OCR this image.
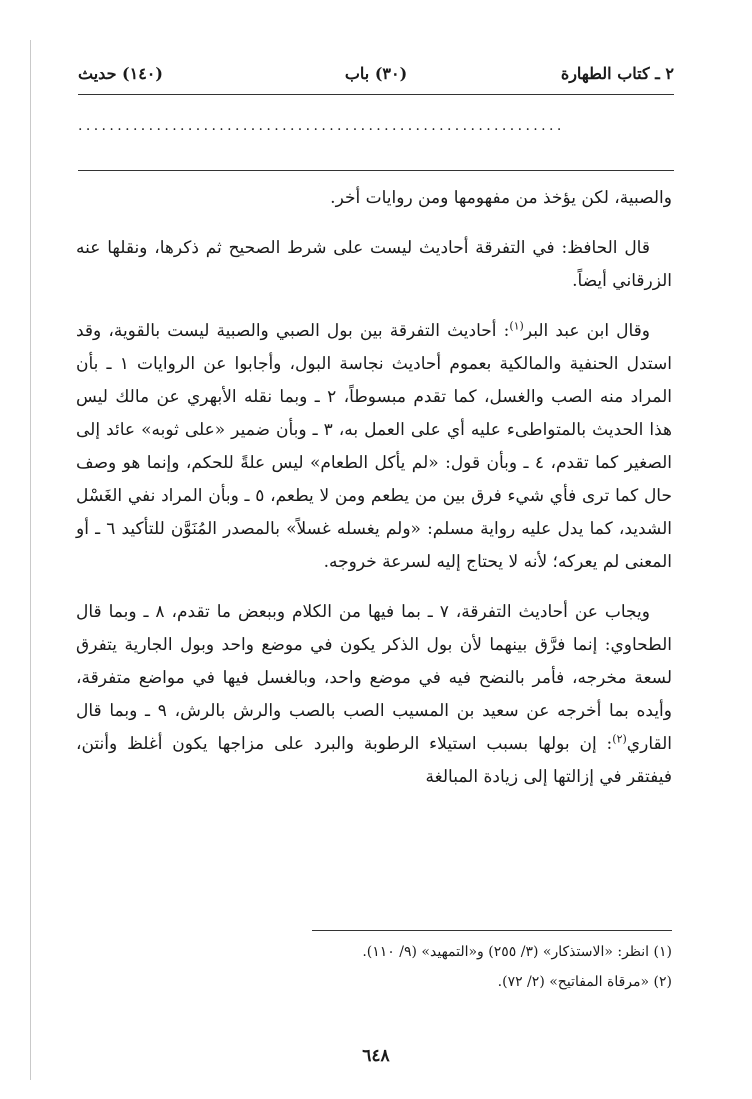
٢ ـ كتاب الطهارة
(٣٠) باب
(١٤٠) حديث
..............................................................

والصبية، لكن يؤخذ من مفهومها ومن روايات أخر.

قال الحافظ: في التفرقة أحاديث ليست على شرط الصحيح ثم ذكرها، ونقلها عنه الزرقاني أيضاً.

وقال ابن عبد البر$^{(١)}$: أحاديث التفرقة بين بول الصبي والصبية ليست بالقوية، وقد استدل الحنفية والمالكية بعموم أحاديث نجاسة البول، وأجابوا عن الروايات ١ ـ بأن المراد منه الصب والغسل، كما تقدم مبسوطاً، ٢ ـ وبما نقله الأبهري عن مالك ليس هذا الحديث بالمتواطىء عليه أي على العمل به، ٣ ـ وبأن ضمير «على ثوبه» عائد إلى الصغير كما تقدم، ٤ ـ وبأن قول: «لم يأكل الطعام» ليس علةً للحكم، وإنما هو وصف حال كما ترى فأي شيء فرق بين من يطعم ومن لا يطعم، ٥ ـ وبأن المراد نفي الغَسْل الشديد، كما يدل عليه رواية مسلم: «ولم يغسله غسلاً» بالمصدر المُنَوَّن للتأكيد ٦ ـ أو المعنى لم يعركه؛ لأنه لا يحتاج إليه لسرعة خروجه.

ويجاب عن أحاديث التفرقة، ٧ ـ بما فيها من الكلام وببعض ما تقدم، ٨ ـ وبما قال الطحاوي: إنما فرَّق بينهما لأن بول الذكر يكون في موضع واحد وبول الجارية يتفرق لسعة مخرجه، فأمر بالنضح فيه في موضع واحد، وبالغسل فيها في مواضع متفرقة، وأيده بما أخرجه عن سعيد بن المسيب الصب بالصب والرش بالرش، ٩ ـ وبما قال القاري$^{(٢)}$: إن بولها بسبب استيلاء الرطوبة والبرد على مزاجها يكون أغلظ وأنتن، فيفتقر في إزالتها إلى زيادة المبالغة

(١) انظر: «الاستذكار» (٣/ ٢٥٥) و«التمهيد» (٩/ ١١٠).
(٢) «مرقاة المفاتيح» (٢/ ٧٢).
٦٤٨
